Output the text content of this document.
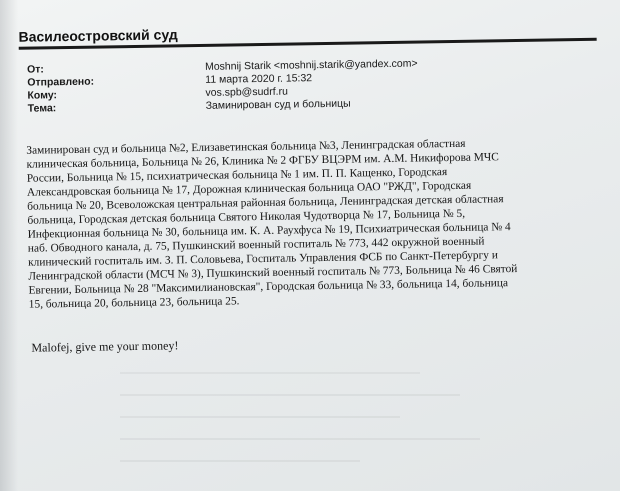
Василеостровский суд
От:	Moshnij Starik <moshnij.starik@yandex.com>
Отправлено:	11 марта 2020 г. 15:32
Кому:	vos.spb@sudrf.ru
Тема:	Заминирован суд и больницы
Заминирован суд и больница №2, Елизаветинская больница №3, Ленинградская областная
клиническая больница, Больница № 26, Клиника № 2 ФГБУ ВЦЭРМ им. А.М. Никифорова МЧС
России, Больница № 15, психиатрическая больница № 1 им. П. П. Кащенко, Городская
Александровская больница № 17, Дорожная клиническая больница ОАО "РЖД", Городская
больница № 20, Всеволожская центральная районная больница, Ленинградская детская областная
больница, Городская детская больница Святого Николая Чудотворца № 17, Больница № 5,
Инфекционная больница № 30, больница им. К. А. Раухфуса № 19, Психиатрическая больница № 4
наб. Обводного канала, д. 75, Пушкинский военный госпиталь № 773, 442 окружной военный
клинический госпиталь им. З. П. Соловьева, Госпиталь Управления ФСБ по Санкт-Петербургу и
Ленинградской области (МСЧ № 3), Пушкинский военный госпиталь № 773, Больница № 46 Святой
Евгении, Больница № 28 "Максимилиановская", Городская больница № 33, больница 14, больница
15, больница 20, больница 23, больница 25.
Malofej, give me your money!
